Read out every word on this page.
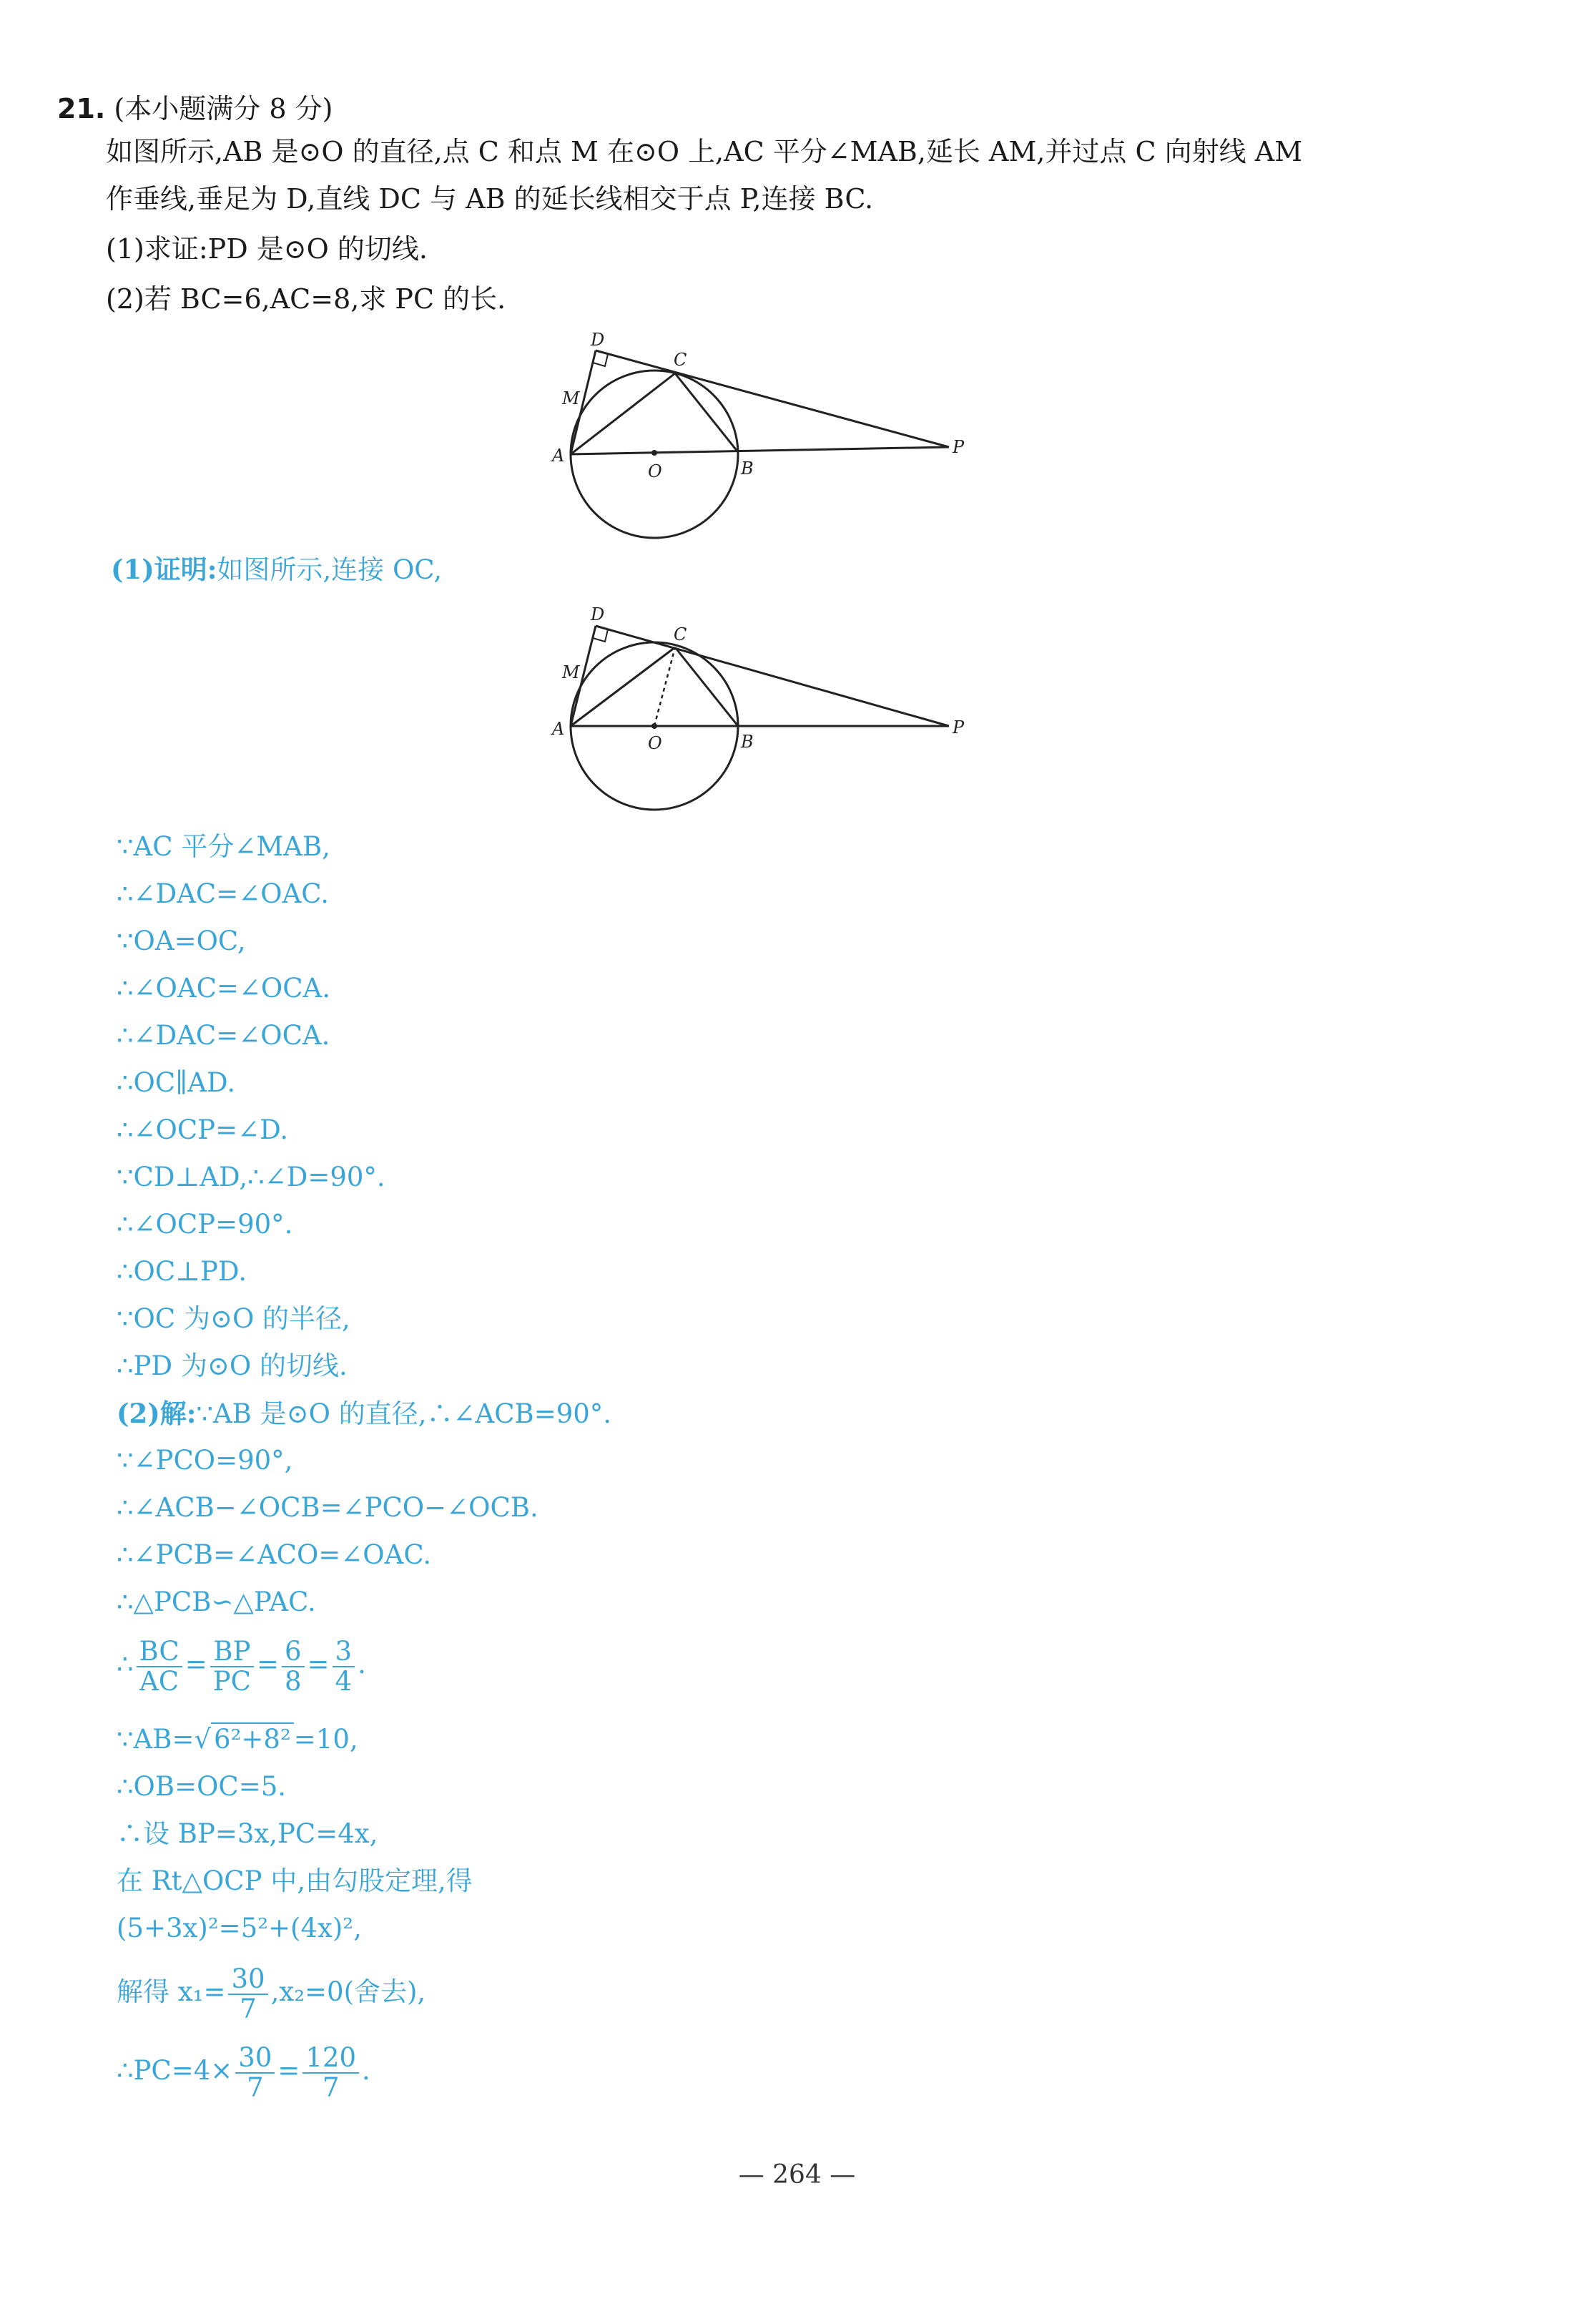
21. (本小题满分 8 分)
如图所示,AB 是⊙O 的直径,点 C 和点 M 在⊙O 上,AC 平分∠MAB,延长 AM,并过点 C 向射线 AM
作垂线,垂足为 D,直线 DC 与 AB 的延长线相交于点 P,连接 BC.
(1)求证:PD 是⊙O 的切线.
(2)若 BC=6,AC=8,求 PC 的长.
D
C
M
A
O	B
P
(1)证明:如图所示,连接 OC,
D
C
M
A
O	B
P
∵AC 平分∠MAB,
∴∠DAC=∠OAC.
∵OA=OC,
∴∠OAC=∠OCA.
∴∠DAC=∠OCA.
∴OC∥AD.
∴∠OCP=∠D.
∵CD⊥AD,∴∠D=90°.
∴∠OCP=90°.
∴OC⊥PD.
∵OC 为⊙O 的半径,
∴PD 为⊙O 的切线.
(2)解:∵AB 是⊙O 的直径,∴∠ACB=90°.
∵∠PCO=90°,
∴∠ACB−∠OCB=∠PCO−∠OCB.
∴∠PCB=∠ACO=∠OAC.
∴△PCB∽△PAC.
∴ $\frac{BC}{AC} = \frac{BP}{PC} = \frac{6}{8} = \frac{3}{4}$ .
∵AB=√ 6²+8² =10,
∴OB=OC=5.
∴设 BP=3x,PC=4x,
在 Rt△OCP 中,由勾股定理,得
(5+3x)²=5²+(4x)²,
解得 $x_1= \frac{30}{7} ,x_2=0$(舍去),
∴PC=4× $\frac{30}{7} = \frac{120}{7}$ .
— 264 —
